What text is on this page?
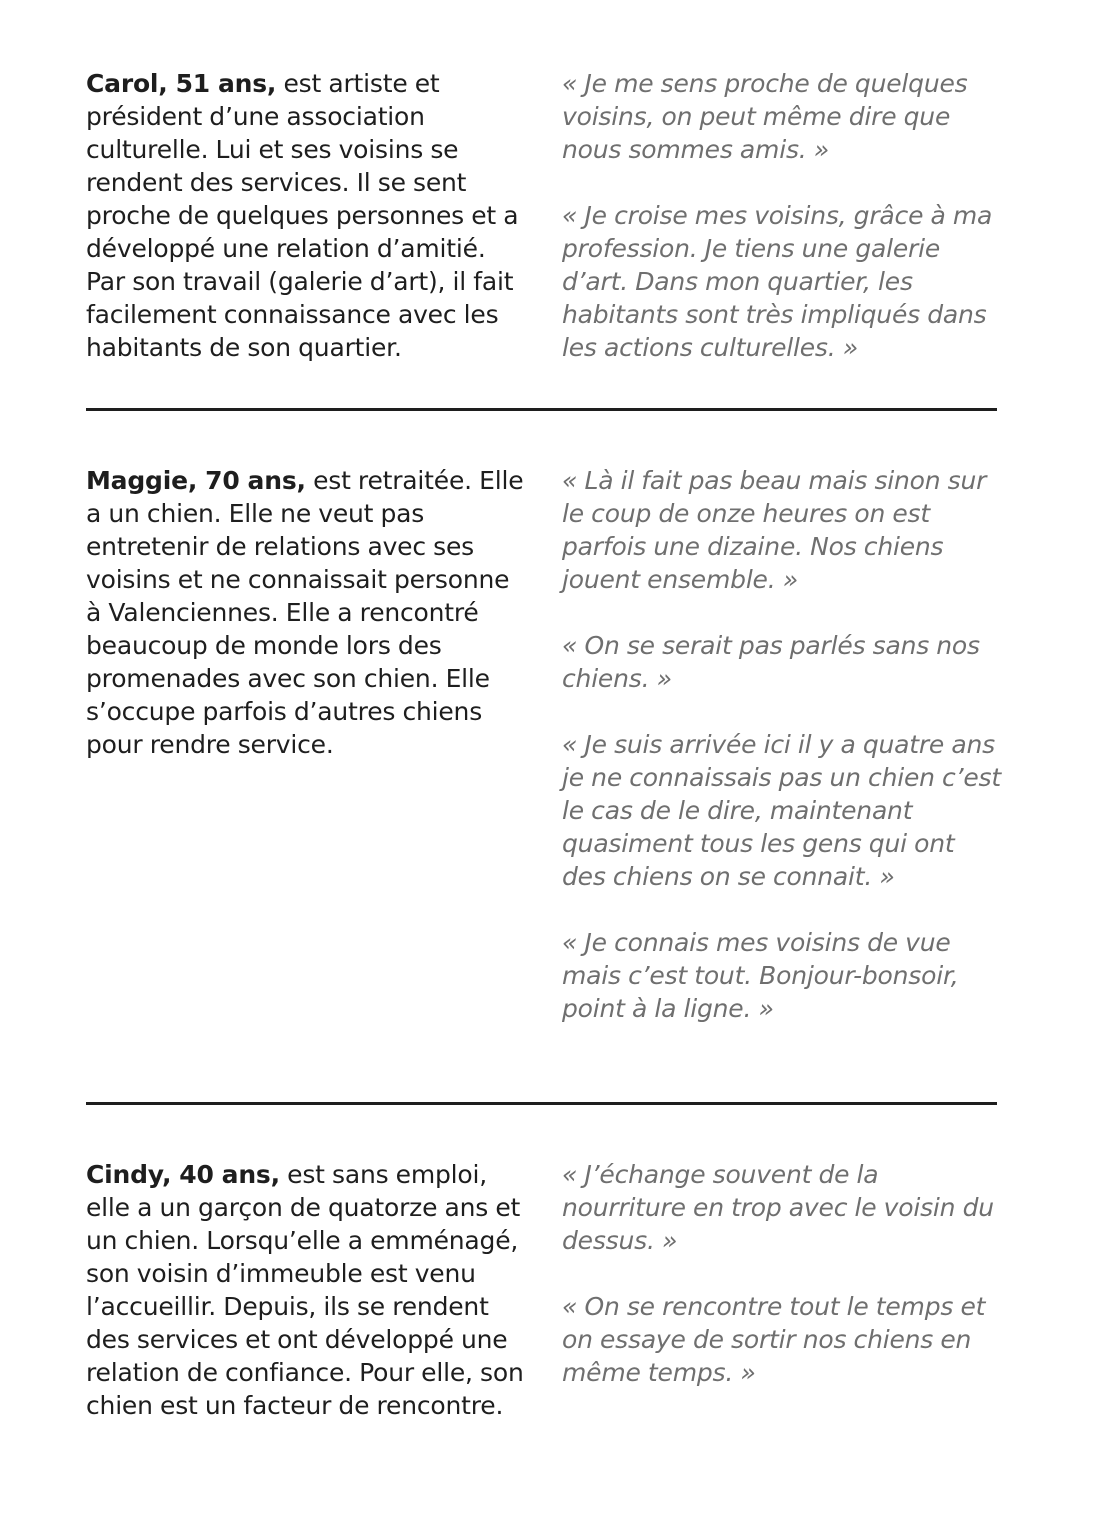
Carol, 51 ans, est artiste et président d’une association culturelle. Lui et ses voisins se rendent des services. Il se sent proche de quelques personnes et a développé une relation d’amitié. Par son travail (galerie d’art), il fait facilement connaissance avec les habitants de son quartier.

« Je me sens proche de quelques voisins, on peut même dire que nous sommes amis. »

« Je croise mes voisins, grâce à ma profession. Je tiens une galerie d’art. Dans mon quartier, les habitants sont très impliqués dans les actions culturelles. »

Maggie, 70 ans, est retraitée. Elle a un chien. Elle ne veut pas entretenir de relations avec ses voisins et ne connaissait personne à Valenciennes. Elle a rencontré beaucoup de monde lors des promenades avec son chien. Elle s’occupe parfois d’autres chiens pour rendre service.

« Là il fait pas beau mais sinon sur le coup de onze heures on est parfois une dizaine. Nos chiens jouent ensemble. »

« On se serait pas parlés sans nos chiens. »

« Je suis arrivée ici il y a quatre ans je ne connaissais pas un chien c’est le cas de le dire, maintenant quasiment tous les gens qui ont des chiens on se connait. »

« Je connais mes voisins de vue mais c’est tout. Bonjour-bonsoir, point à la ligne. »

Cindy, 40 ans, est sans emploi, elle a un garçon de quatorze ans et un chien. Lorsqu’elle a emménagé, son voisin d’immeuble est venu l’accueillir. Depuis, ils se rendent des services et ont développé une relation de confiance. Pour elle, son chien est un facteur de rencontre.

« J’échange souvent de la nourriture en trop avec le voisin du dessus. »

« On se rencontre tout le temps et on essaye de sortir nos chiens en même temps. »
